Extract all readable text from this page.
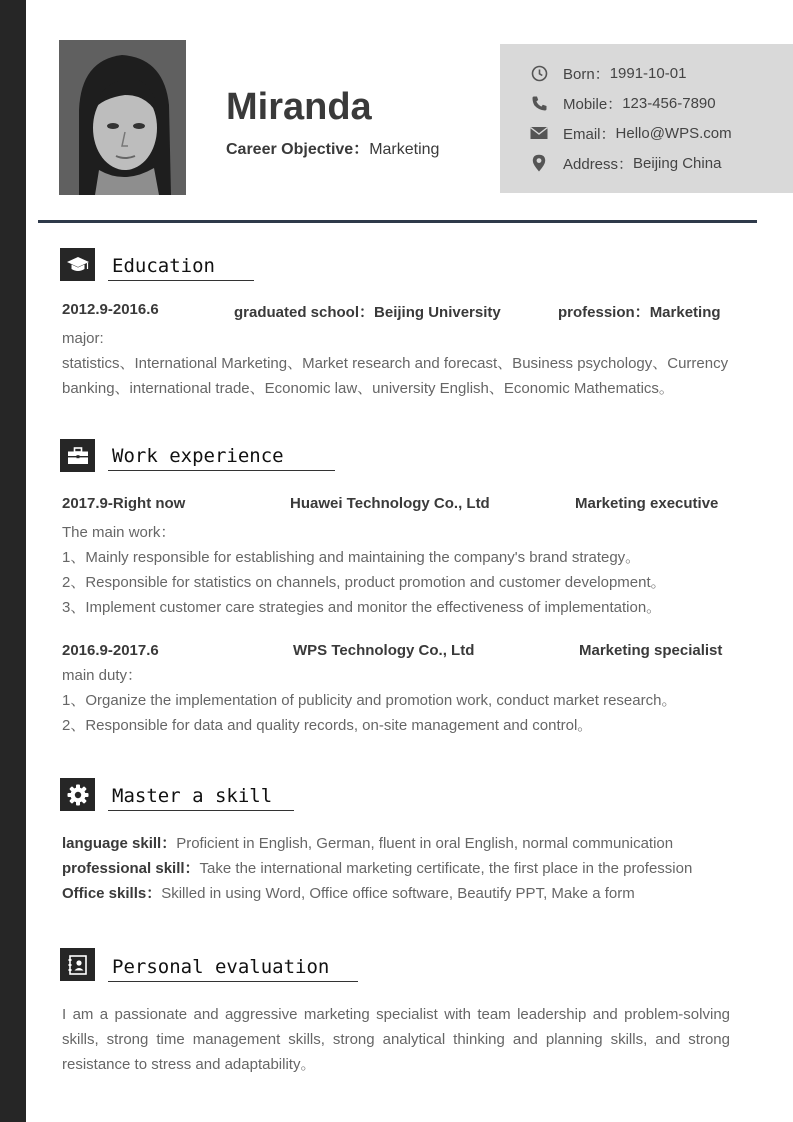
Miranda
Career Objective：Marketing
Born： 1991-10-01
Mobile： 123-456-7890
Email： Hello@WPS.com
Address： Beijing China
Education
2012.9-2016.6	graduated school：Beijing University	profession：Marketing
major:
statistics、International Marketing、Market research and forecast、Business psychology、Currency
banking、international trade、Economic law、university English、Economic Mathematics。
Work experience
2017.9-Right now	Huawei Technology Co., Ltd	Marketing executive
The main work：
1、Mainly responsible for establishing and maintaining the company's brand strategy。
2、Responsible for statistics on channels, product promotion and customer development。
3、Implement customer care strategies and monitor the effectiveness of implementation。
2016.9-2017.6	WPS Technology Co., Ltd	Marketing specialist
main duty：
1、Organize the implementation of publicity and promotion work, conduct market research。
2、Responsible for data and quality records, on-site management and control。
Master a skill
language skill：Proficient in English, German, fluent in oral English, normal communication
professional skill：Take the international marketing certificate, the first place in the profession
Office skills：Skilled in using Word, Office office software, Beautify PPT, Make a form
Personal evaluation
I am a passionate and aggressive marketing specialist with team leadership and problem-solving skills, strong time management skills, strong analytical thinking and planning skills, and strong resistance to stress and adaptability。
